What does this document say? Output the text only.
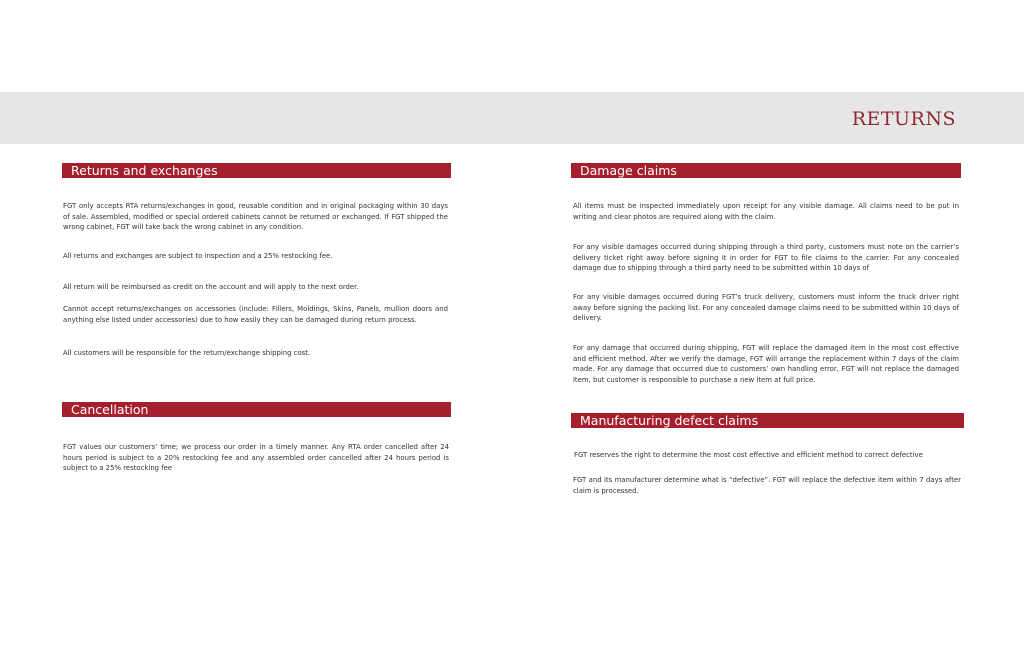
RETURNS
Returns and exchanges
FGT only accepts RTA returns/exchanges in good, reusable condition and in original packaging within 30 days of sale. Assembled, modified or special ordered cabinets cannot be returned or exchanged. If FGT shipped the wrong cabinet, FGT will take back the wrong cabinet in any condition.
All returns and exchanges are subject to inspection and a 25% restocking fee.
All return will be reimbursed as credit on the account and will apply to the next order.
Cannot accept returns/exchanges on accessories (include: Fillers, Moldings, Skins, Panels, mullion doors and anything else listed under accessories) due to how easily they can be damaged during return process.
All customers will be responsible for the return/exchange shipping cost.
Cancellation
FGT values our customers’ time; we process our order in a timely manner. Any RTA order cancelled after 24 hours period is subject to a 20% restocking fee and any assembled order cancelled after 24 hours period is subject to a 25% restocking fee
Damage claims
All items must be inspected immediately upon receipt for any visible damage. All claims need to be put in writing and clear photos are required along with the claim.
For any visible damages occurred during shipping through a third party, customers must note on the carrier’s delivery ticket right away before signing it in order for FGT to file claims to the carrier. For any concealed damage due to shipping through a third party need to be submitted within 10 days of
For any visible damages occurred during FGT’s truck delivery, customers must inform the truck driver right away before signing the packing list. For any concealed damage claims need to be submitted within 10 days of delivery.
For any damage that occurred during shipping, FGT will replace the damaged item in the most cost effective and efficient method. After we verify the damage, FGT will arrange the replacement within 7 days of the claim made. For any damage that occurred due to customers’ own handling error, FGT will not replace the damaged item, but customer is responsible to purchase a new item at full price.
Manufacturing defect claims
FGT reserves the right to determine the most cost effective and efficient method to correct defective
FGT and its manufacturer determine what is “defective”. FGT will replace the defective item within 7 days after claim is processed.
